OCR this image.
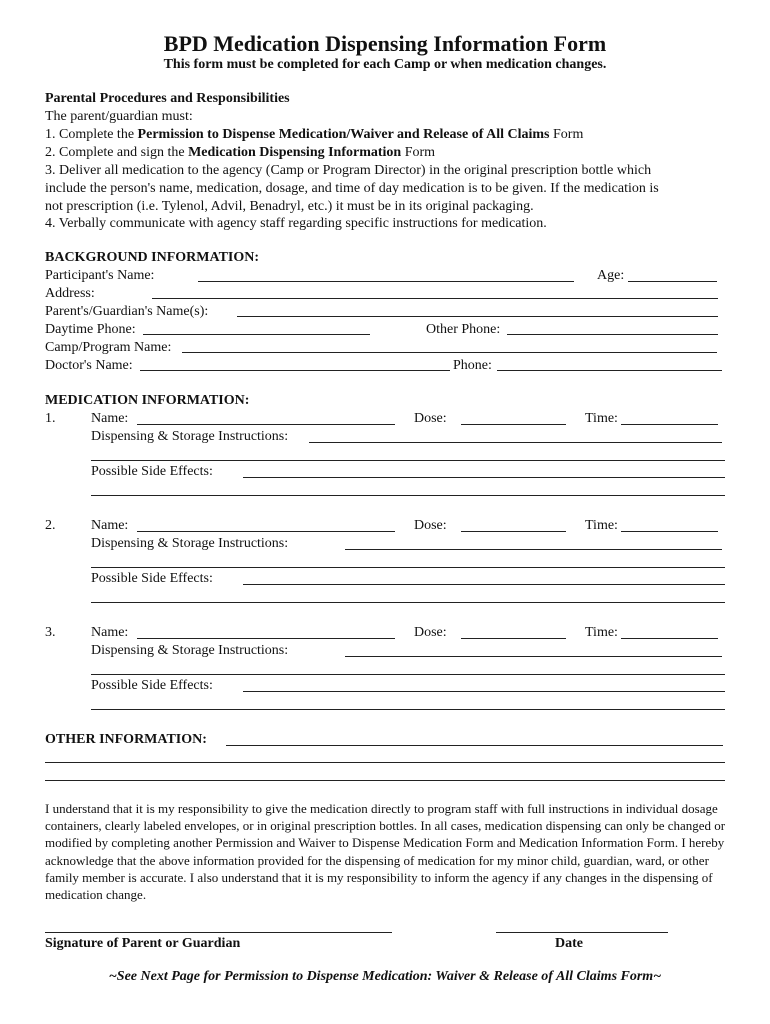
BPD Medication Dispensing Information Form
This form must be completed for each Camp or when medication changes.
Parental Procedures and Responsibilities
The parent/guardian must:
1. Complete the Permission to Dispense Medication/Waiver and Release of All Claims Form
2. Complete and sign the Medication Dispensing Information Form
3. Deliver all medication to the agency (Camp or Program Director) in the original prescription bottle which
include the person's name, medication, dosage, and time of day medication is to be given. If the medication is
not prescription (i.e. Tylenol, Advil, Benadryl, etc.) it must be in its original packaging.
4. Verbally communicate with agency staff regarding specific instructions for medication.
BACKGROUND INFORMATION:
Participant's Name:	Age:
Address:
Parent's/Guardian's Name(s):
Daytime Phone:	Other Phone:
Camp/Program Name:
Doctor's Name:	Phone:
MEDICATION INFORMATION:
1.	Name:	Dose:	Time:
Dispensing & Storage Instructions:
Possible Side Effects:
2.	Name:	Dose:	Time:
Dispensing & Storage Instructions:
Possible Side Effects:
3.	Name:	Dose:	Time:
Dispensing & Storage Instructions:
Possible Side Effects:
OTHER INFORMATION:
I understand that it is my responsibility to give the medication directly to program staff with full instructions in individual dosage containers, clearly labeled envelopes, or in original prescription bottles. In all cases, medication dispensing can only be changed or modified by completing another Permission and Waiver to Dispense Medication Form and Medication Information Form. I hereby acknowledge that the above information provided for the dispensing of medication for my minor child, guardian, ward, or other family member is accurate. I also understand that it is my responsibility to inform the agency if any changes in the dispensing of medication change.
Signature of Parent or Guardian	Date
~See Next Page for Permission to Dispense Medication: Waiver & Release of All Claims Form~
